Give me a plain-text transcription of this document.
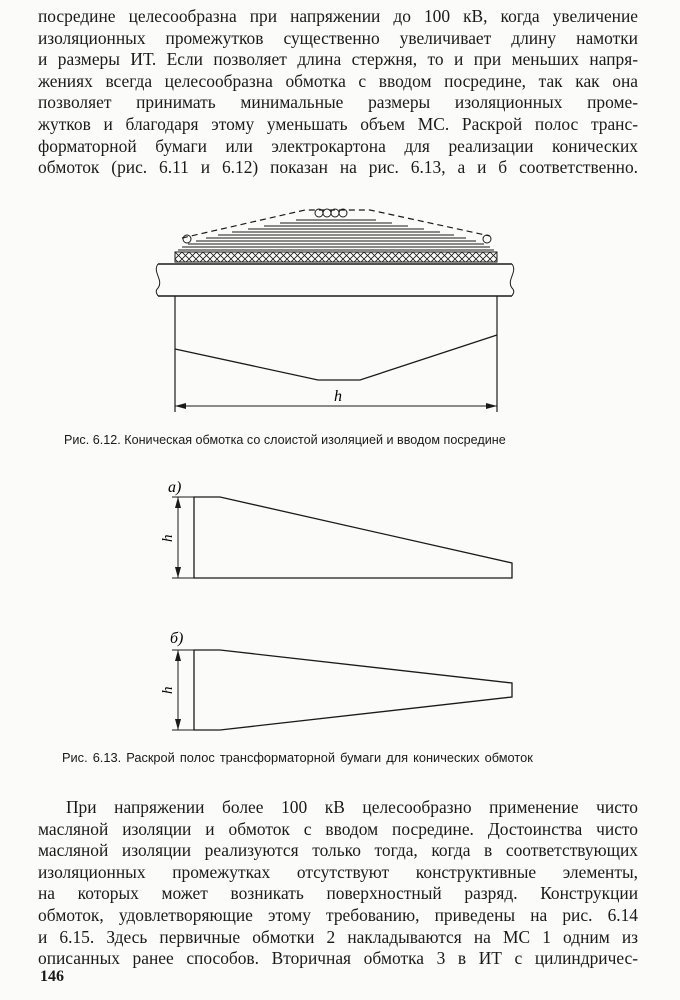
посредине целесообразна при напряжении до 100 кВ, когда увеличение
изоляционных промежутков существенно увеличивает длину намотки
и размеры ИТ. Если позволяет длина стержня, то и при меньших напря-
жениях всегда целесообразна обмотка с вводом посредине, так как она
позволяет принимать минимальные размеры изоляционных проме-
жутков и благодаря этому уменьшать объем МС. Раскрой полос транс-
форматорной бумаги или электрокартона для реализации конических
обмоток (рис. 6.11 и 6.12) показан на рис. 6.13, а и б соответственно.
h

Рис. 6.12. Коническая обмотка со слоистой изоляцией и вводом посредине

а)
h
б)
h

Рис. 6.13. Раскрой полос трансформаторной бумаги для конических обмоток

При напряжении более 100 кВ целесообразно применение чисто
масляной изоляции и обмоток с вводом посредине. Достоинства чисто
масляной изоляции реализуются только тогда, когда в соответствующих
изоляционных промежутках отсутствуют конструктивные элементы,
на которых может возникать поверхностный разряд. Конструкции
обмоток, удовлетворяющие этому требованию, приведены на рис. 6.14
и 6.15. Здесь первичные обмотки 2 накладываются на МС 1 одним из
описанных ранее способов. Вторичная обмотка 3 в ИТ с цилиндричес-
146
